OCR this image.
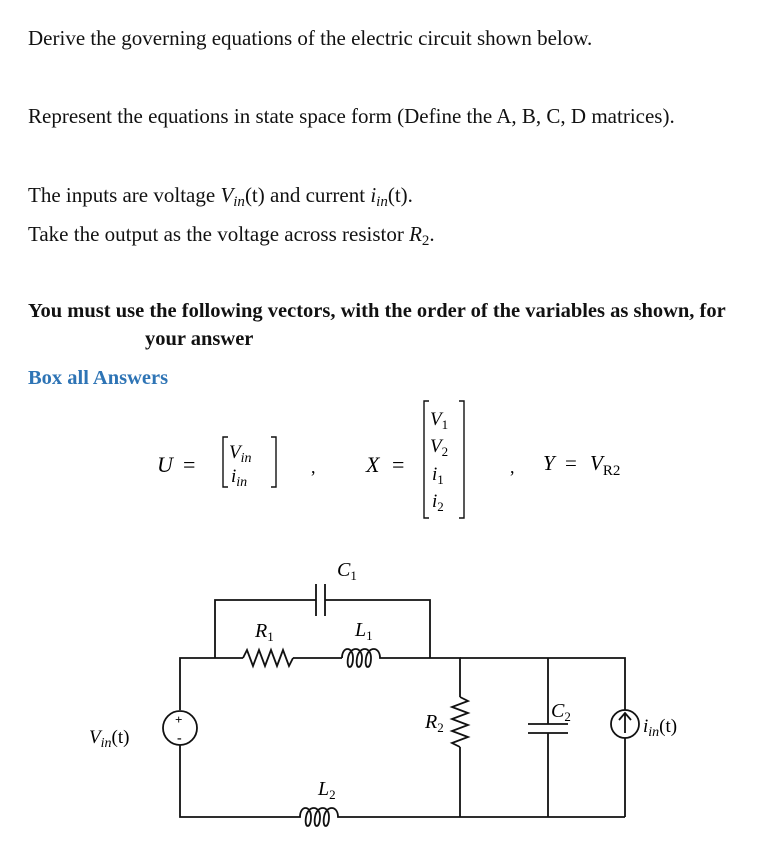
Derive the governing equations of the electric circuit shown below.
Represent the equations in state space form (Define the A, B, C, D matrices).
The inputs are voltage $V_{in}(t)$ and current $i_{in}(t)$.
Take the output as the voltage across resistor $R_2$.
You must use the following vectors, with the order of the variables as shown, for
your answer
Box all Answers
$U = V_{in}$
$i_{in}$
, X =
$V_1$
$V_2$
$i_1$
$i_2$
, $Y = V_{R2}$
$C_1$
$L_1$
$R_1$
$R_2$
$C_2$
$L_2$
$V_{in}(t)$
$i_{in}(t)$
+
-
